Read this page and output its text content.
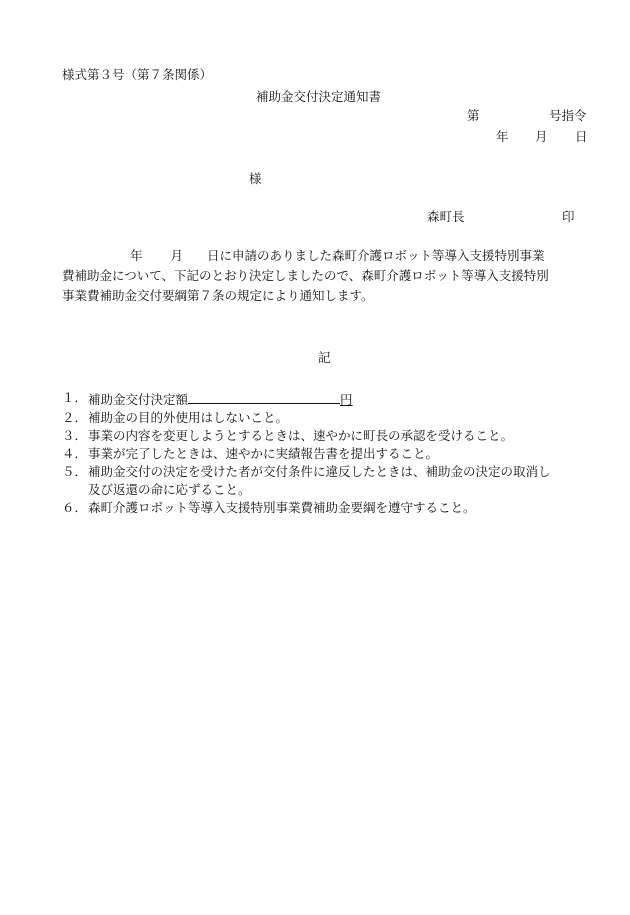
様式第３号（第７条関係）
補助金交付決定通知書
第	号指令
年 月 日
様
森町長	印
年 月 日に申請のありました森町介護ロボット等導入支援特別事業
費補助金について、下記のとおり決定しましたので、森町介護ロボット等導入支援特別
事業費補助金交付要綱第７条の規定により通知します。
記
１． 補助金交付決定額	円
２． 補助金の目的外使用はしないこと。
３． 事業の内容を変更しようとするときは、速やかに町長の承認を受けること。
４． 事業が完了したときは、速やかに実績報告書を提出すること。
５． 補助金交付の決定を受けた者が交付条件に違反したときは、補助金の決定の取消し
及び返還の命に応ずること。
６． 森町介護ロボット等導入支援特別事業費補助金要綱を遵守すること。
